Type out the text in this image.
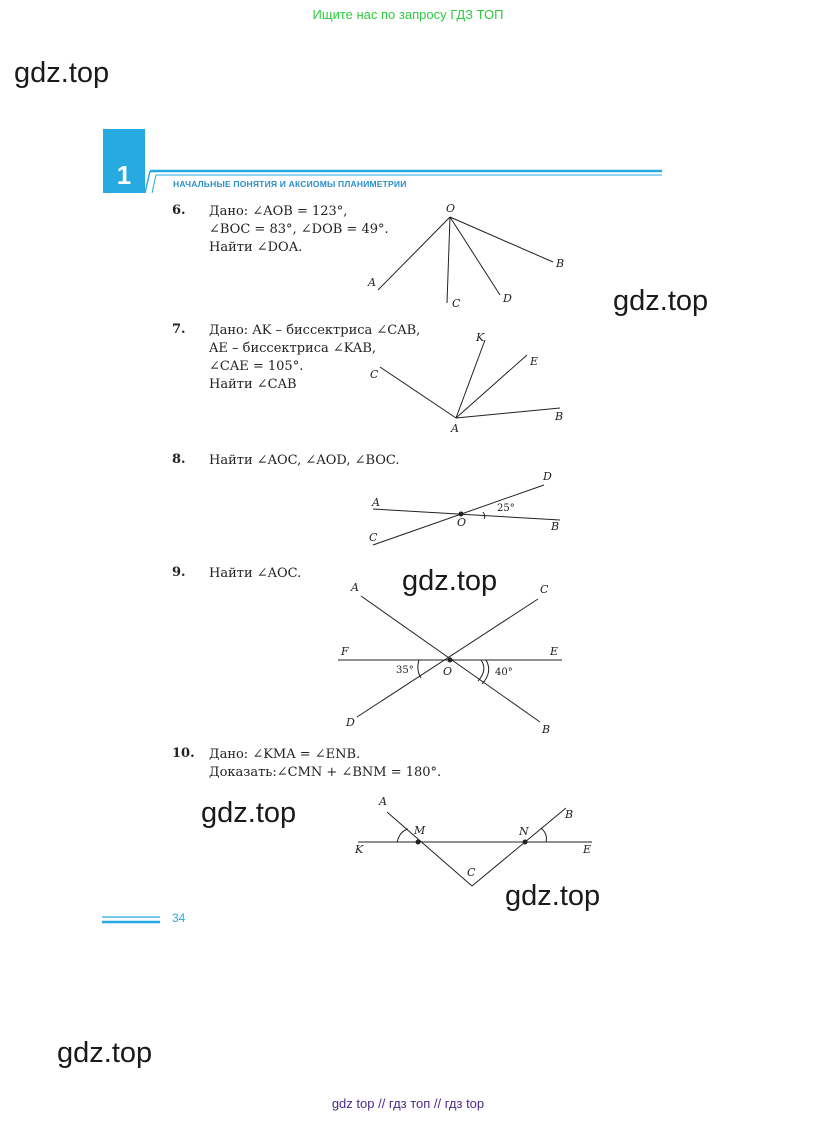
Ищите нас по запросу ГДЗ ТОП
gdz.top
gdz.top
gdz.top
gdz.top
gdz.top
gdz.top
1	НАЧАЛЬНЫЕ ПОНЯТИЯ И АКСИОМЫ ПЛАНИМЕТРИИ
6. Дано: ∠AOB = 123°,
∠BOC = 83°, ∠DOB = 49°.
Найти ∠DOA.
7. Дано: AK – биссектриса ∠CAB,
AE – биссектриса ∠KAB,
∠CAE = 105°.
Найти ∠CAB
8. Найти ∠AOC, ∠AOD, ∠BOC.
9. Найти ∠AOC.
10. Дано: ∠KMA = ∠ENB.
Доказать:∠CMN + ∠BNM = 180°.
O
A
B
C	D
K
E
C
B
A
D
A
O
25°
B
C
A	C
F	E
35°	O	40°
D
B
A
B
M	N
K	E
C
34
gdz top // гдз топ // гдз top
